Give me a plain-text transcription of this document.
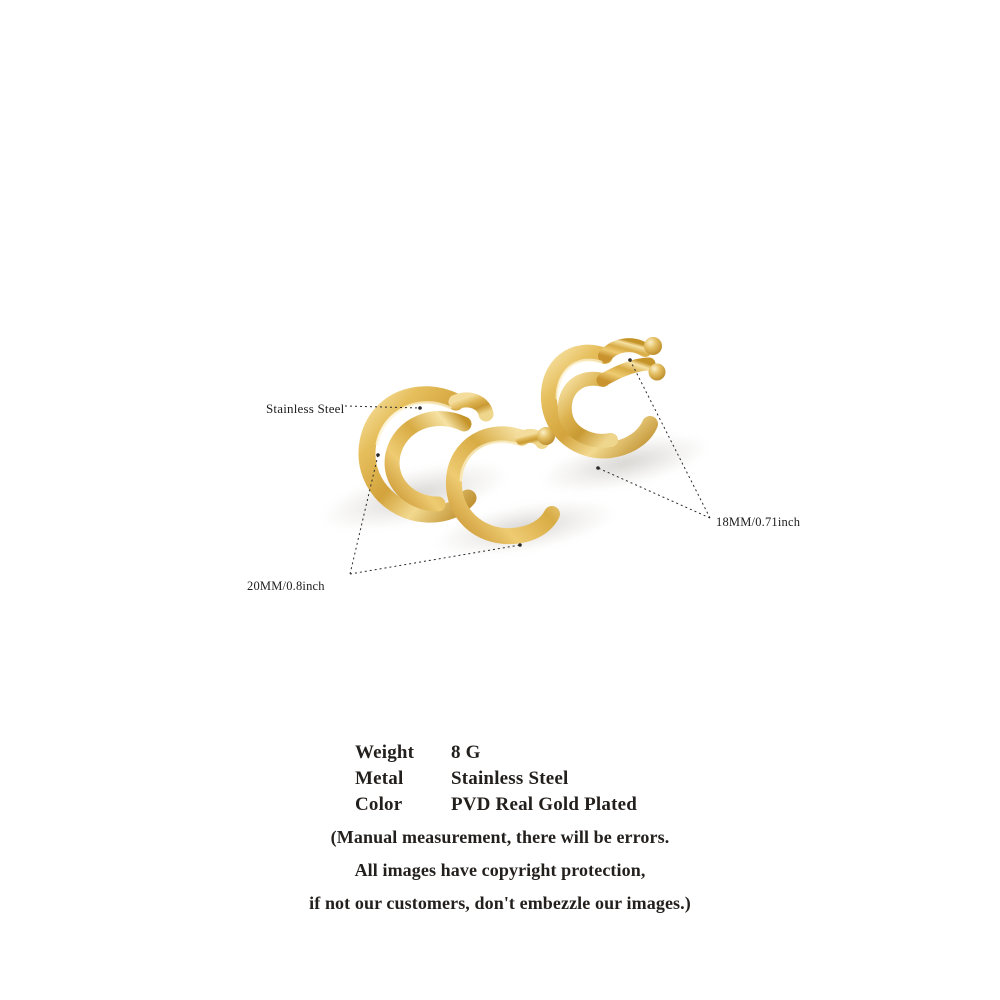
Stainless Steel
18MM/0.71inch
20MM/0.8inch
Weight 8 G
Metal	Stainless Steel
Color	PVD Real Gold Plated
(Manual measurement, there will be errors.
All images have copyright protection,
if not our customers, don't embezzle our images.)
